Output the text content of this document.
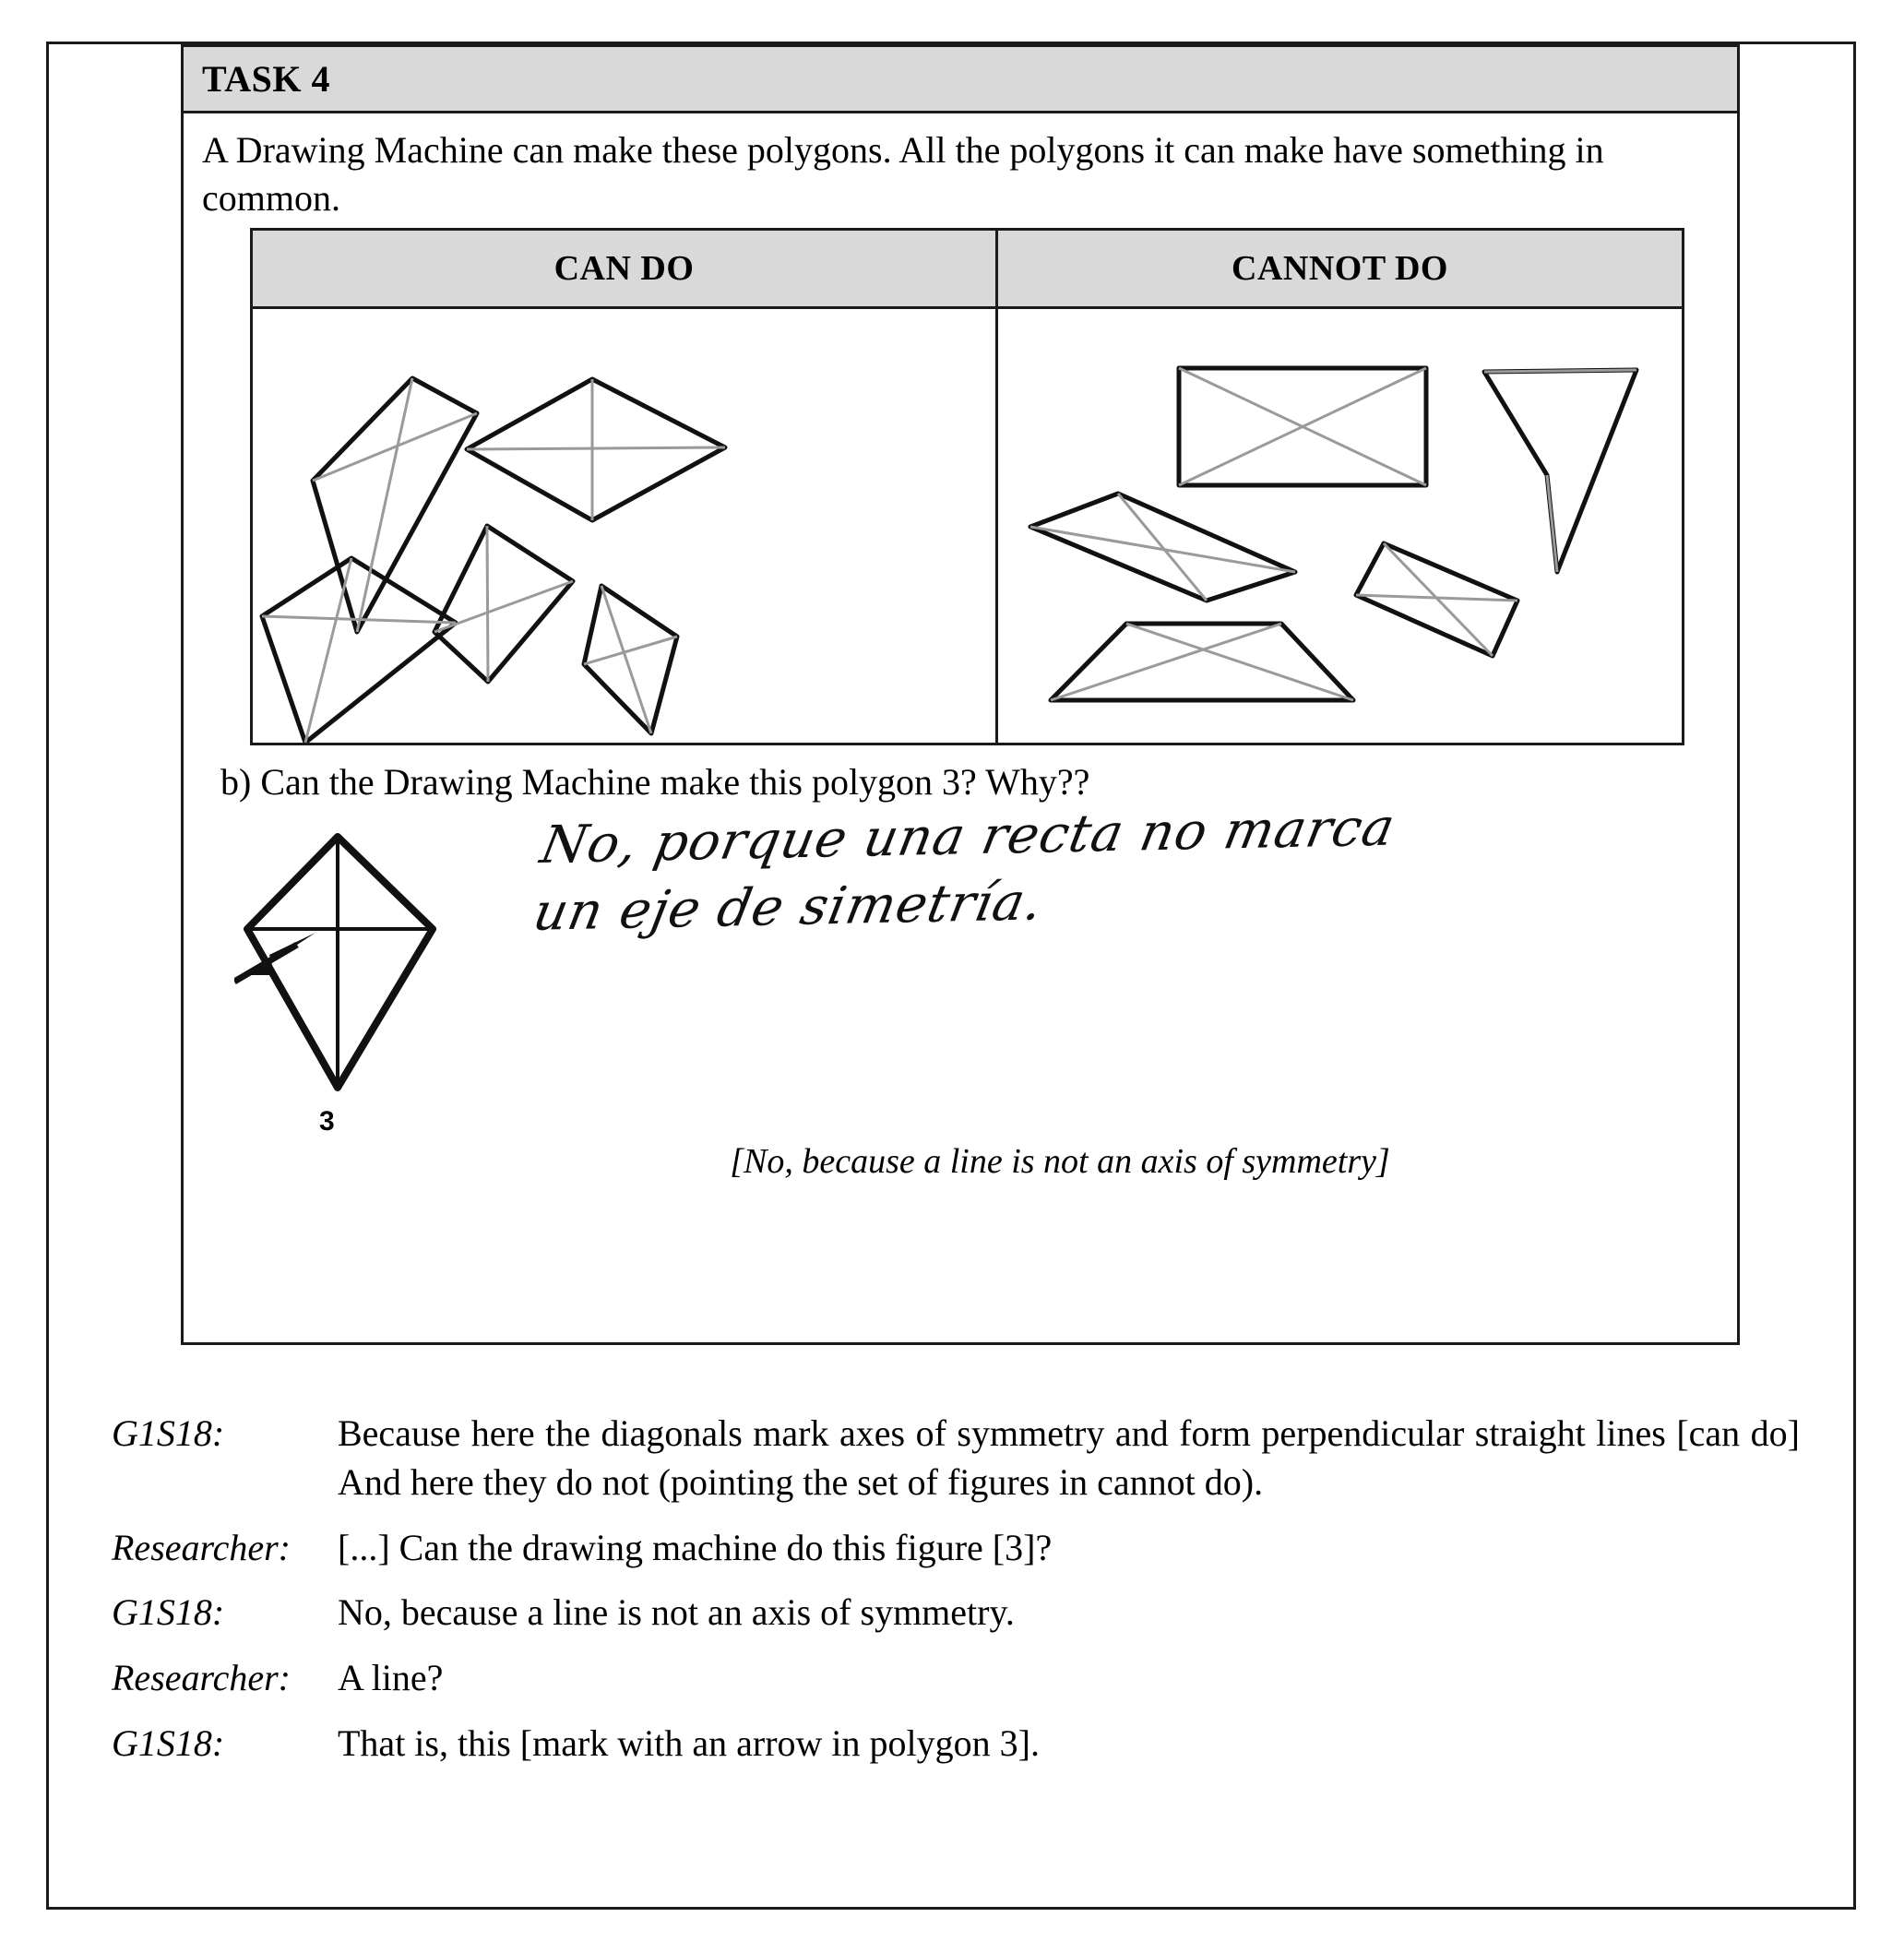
TASK 4

A Drawing Machine can make these polygons. All the polygons it can make have something in common.

CAN DO	CANNOT DO
b) Can the Drawing Machine make this polygon 3? Why??
3
No, porque una recta no marca
un eje de simetría.
[No, because a line is not an axis of symmetry]
G1S18:	Because here the diagonals mark axes of symmetry and form perpendicular straight lines [can do] And here they do not (pointing the set of figures in cannot do).
Researcher:	[...] Can the drawing machine do this figure [3]?
G1S18:	No, because a line is not an axis of symmetry.
Researcher:	A line?
G1S18:	That is, this [mark with an arrow in polygon 3].
